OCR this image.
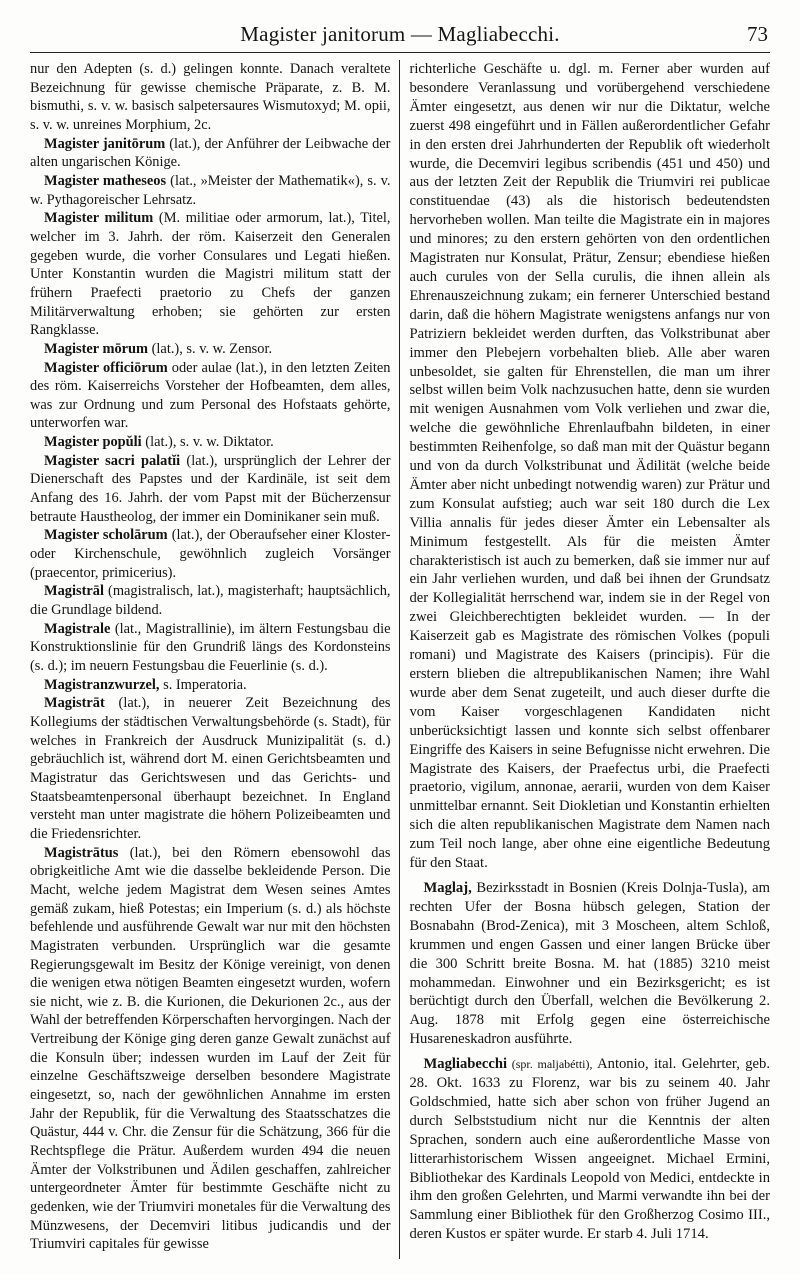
Magister janitorum — Magliabecchi.	73

nur den Adepten (s. d.) gelingen konnte. Danach veraltete Bezeichnung für gewisse chemische Präparate, z. B. M. bismuthi, s. v. w. basisch salpetersaures Wismutoxyd; M. opii, s. v. w. unreines Morphium, 2c.

Magister janitōrum (lat.), der Anführer der Leibwache der alten ungarischen Könige.

Magister matheseos (lat., »Meister der Mathematik«), s. v. w. Pythagoreischer Lehrsatz.

Magister militum (M. militiae oder armorum, lat.), Titel, welcher im 3. Jahrh. der röm. Kaiserzeit den Generalen gegeben wurde, die vorher Consulares und Legati hießen. Unter Konstantin wurden die Magistri militum statt der frühern Praefecti praetorio zu Chefs der ganzen Militärverwaltung erhoben; sie gehörten zur ersten Rangklasse.

Magister mōrum (lat.), s. v. w. Zensor.

Magister officiōrum oder aulae (lat.), in den letzten Zeiten des röm. Kaiserreichs Vorsteher der Hofbeamten, dem alles, was zur Ordnung und zum Personal des Hofstaats gehörte, unterworfen war.

Magister popŭli (lat.), s. v. w. Diktator.

Magister sacri palatĭi (lat.), ursprünglich der Lehrer der Dienerschaft des Papstes und der Kardinäle, ist seit dem Anfang des 16. Jahrh. der vom Papst mit der Bücherzensur betraute Haustheolog, der immer ein Dominikaner sein muß.

Magister scholārum (lat.), der Oberaufseher einer Kloster- oder Kirchenschule, gewöhnlich zugleich Vorsänger (praecentor, primicerius).

Magistrāl (magistralisch, lat.), magisterhaft; hauptsächlich, die Grundlage bildend.

Magistrale (lat., Magistrallinie), im ältern Festungsbau die Konstruktionslinie für den Grundriß längs des Kordonsteins (s. d.); im neuern Festungsbau die Feuerlinie (s. d.).

Magistranzwurzel, s. Imperatoria.

Magistrāt (lat.), in neuerer Zeit Bezeichnung des Kollegiums der städtischen Verwaltungsbehörde (s. Stadt), für welches in Frankreich der Ausdruck Munizipalität (s. d.) gebräuchlich ist, während dort M. einen Gerichtsbeamten und Magistratur das Gerichtswesen und das Gerichts- und Staatsbeamtenpersonal überhaupt bezeichnet. In England versteht man unter magistrate die höhern Polizeibeamten und die Friedensrichter.

Magistrātus (lat.), bei den Römern ebensowohl das obrigkeitliche Amt wie die dasselbe bekleidende Person. Die Macht, welche jedem Magistrat dem Wesen seines Amtes gemäß zukam, hieß Potestas; ein Imperium (s. d.) als höchste befehlende und ausführende Gewalt war nur mit den höchsten Magistraten verbunden. Ursprünglich war die gesamte Regierungsgewalt im Besitz der Könige vereinigt, von denen die wenigen etwa nötigen Beamten eingesetzt wurden, wofern sie nicht, wie z. B. die Kurionen, die Dekurionen 2c., aus der Wahl der betreffenden Körperschaften hervorgingen. Nach der Vertreibung der Könige ging deren ganze Gewalt zunächst auf die Konsuln über; indessen wurden im Lauf der Zeit für einzelne Geschäftszweige derselben besondere Magistrate eingesetzt, so, nach der gewöhnlichen Annahme im ersten Jahr der Republik, für die Verwaltung des Staatsschatzes die Quästur, 444 v. Chr. die Zensur für die Schätzung, 366 für die Rechtspflege die Prätur. Außerdem wurden 494 die neuen Ämter der Volkstribunen und Ädilen geschaffen, zahlreicher untergeordneter Ämter für bestimmte Geschäfte nicht zu gedenken, wie der Triumviri monetales für die Verwaltung des Münzwesens, der Decemviri litibus judicandis und der Triumviri capitales für gewisse

richterliche Geschäfte u. dgl. m. Ferner aber wurden auf besondere Veranlassung und vorübergehend verschiedene Ämter eingesetzt, aus denen wir nur die Diktatur, welche zuerst 498 eingeführt und in Fällen außerordentlicher Gefahr in den ersten drei Jahrhunderten der Republik oft wiederholt wurde, die Decemviri legibus scribendis (451 und 450) und aus der letzten Zeit der Republik die Triumviri rei publicae constituendae (43) als die historisch bedeutendsten hervorheben wollen. Man teilte die Magistrate ein in majores und minores; zu den erstern gehörten von den ordentlichen Magistraten nur Konsulat, Prätur, Zensur; ebendiese hießen auch curules von der Sella curulis, die ihnen allein als Ehrenauszeichnung zukam; ein fernerer Unterschied bestand darin, daß die höhern Magistrate wenigstens anfangs nur von Patriziern bekleidet werden durften, das Volkstribunat aber immer den Plebejern vorbehalten blieb. Alle aber waren unbesoldet, sie galten für Ehrenstellen, die man um ihrer selbst willen beim Volk nachzusuchen hatte, denn sie wurden mit wenigen Ausnahmen vom Volk verliehen und zwar die, welche die gewöhnliche Ehrenlaufbahn bildeten, in einer bestimmten Reihenfolge, so daß man mit der Quästur begann und von da durch Volkstribunat und Ädilität (welche beide Ämter aber nicht unbedingt notwendig waren) zur Prätur und zum Konsulat aufstieg; auch war seit 180 durch die Lex Villia annalis für jedes dieser Ämter ein Lebensalter als Minimum festgestellt. Als für die meisten Ämter charakteristisch ist auch zu bemerken, daß sie immer nur auf ein Jahr verliehen wurden, und daß bei ihnen der Grundsatz der Kollegialität herrschend war, indem sie in der Regel von zwei Gleichberechtigten bekleidet wurden. — In der Kaiserzeit gab es Magistrate des römischen Volkes (populi romani) und Magistrate des Kaisers (principis). Für die erstern blieben die altrepublikanischen Namen; ihre Wahl wurde aber dem Senat zugeteilt, und auch dieser durfte die vom Kaiser vorgeschlagenen Kandidaten nicht unberücksichtigt lassen und konnte sich selbst offenbarer Eingriffe des Kaisers in seine Befugnisse nicht erwehren. Die Magistrate des Kaisers, der Praefectus urbi, die Praefecti praetorio, vigilum, annonae, aerarii, wurden von dem Kaiser unmittelbar ernannt. Seit Diokletian und Konstantin erhielten sich die alten republikanischen Magistrate dem Namen nach zum Teil noch lange, aber ohne eine eigentliche Bedeutung für den Staat.

Maglaj, Bezirksstadt in Bosnien (Kreis Dolnja-Tusla), am rechten Ufer der Bosna hübsch gelegen, Station der Bosnabahn (Brod-Zenica), mit 3 Moscheen, altem Schloß, krummen und engen Gassen und einer langen Brücke über die 300 Schritt breite Bosna. M. hat (1885) 3210 meist mohammedan. Einwohner und ein Bezirksgericht; es ist berüchtigt durch den Überfall, welchen die Bevölkerung 2. Aug. 1878 mit Erfolg gegen eine österreichische Husareneskadron ausführte.

Magliabecchi (spr. maljabétti), Antonio, ital. Gelehrter, geb. 28. Okt. 1633 zu Florenz, war bis zu seinem 40. Jahr Goldschmied, hatte sich aber schon von früher Jugend an durch Selbststudium nicht nur die Kenntnis der alten Sprachen, sondern auch eine außerordentliche Masse von litterarhistorischem Wissen angeeignet. Michael Ermini, Bibliothekar des Kardinals Leopold von Medici, entdeckte in ihm den großen Gelehrten, und Marmi verwandte ihn bei der Sammlung einer Bibliothek für den Großherzog Cosimo III., deren Kustos er später wurde. Er starb 4. Juli 1714.
